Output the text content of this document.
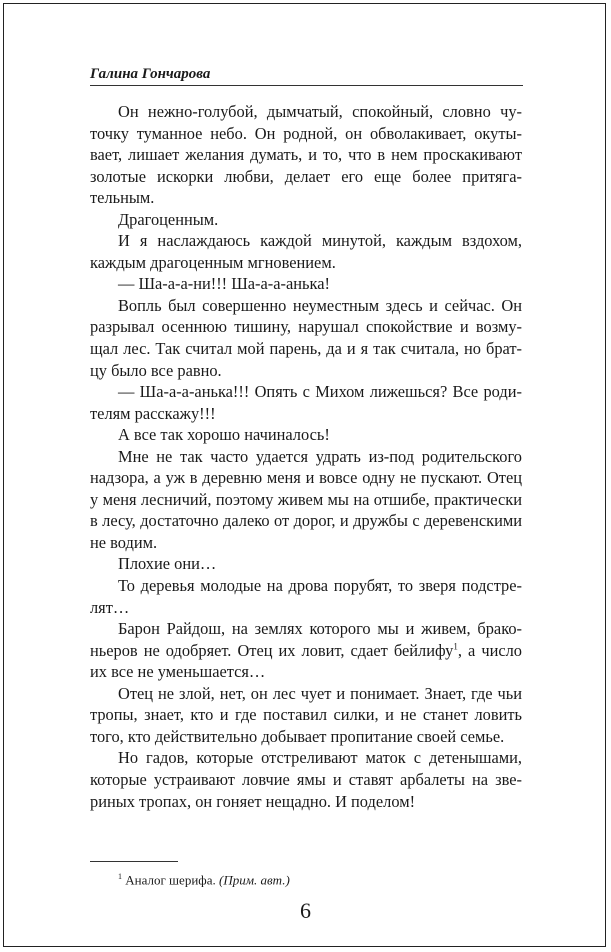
Галина Гончарова

Он нежно-голубой, дымчатый, спокойный, словно чуточку туманное небо. Он родной, он обволакивает, окутывает, лишает желания думать, и то, что в нем проскакивают золотые искорки любви, делает его еще более притягательным.

Драгоценным.

И я наслаждаюсь каждой минутой, каждым вздохом, каждым драгоценным мгновением.

— Ша-а-а-ни!!! Ша-а-а-анька!

Вопль был совершенно неуместным здесь и сейчас. Он разрывал осеннюю тишину, нарушал спокойствие и возмущал лес. Так считал мой парень, да и я так считала, но братцу было все равно.

— Ша-а-а-анька!!! Опять с Михом лижешься? Все родителям расскажу!!!

А все так хорошо начиналось!

Мне не так часто удается удрать из-под родительского надзора, а уж в деревню меня и вовсе одну не пускают. Отец у меня лесничий, поэтому живем мы на отшибе, практически в лесу, достаточно далеко от дорог, и дружбы с деревенскими не водим.

Плохие они…

То деревья молодые на дрова порубят, то зверя подстрелят…

Барон Райдош, на землях которого мы и живем, браконьеров не одобряет. Отец их ловит, сдает бейлифу$^1$, а число их все не уменьшается…

Отец не злой, нет, он лес чует и понимает. Знает, где чьи тропы, знает, кто и где поставил силки, и не станет ловить того, кто действительно добывает пропитание своей семье.

Но гадов, которые отстреливают маток с детенышами, которые устраивают ловчие ямы и ставят арбалеты на звериных тропах, он гоняет нещадно. И поделом!

$^1$ Аналог шерифа. (Прим. авт.)
6
